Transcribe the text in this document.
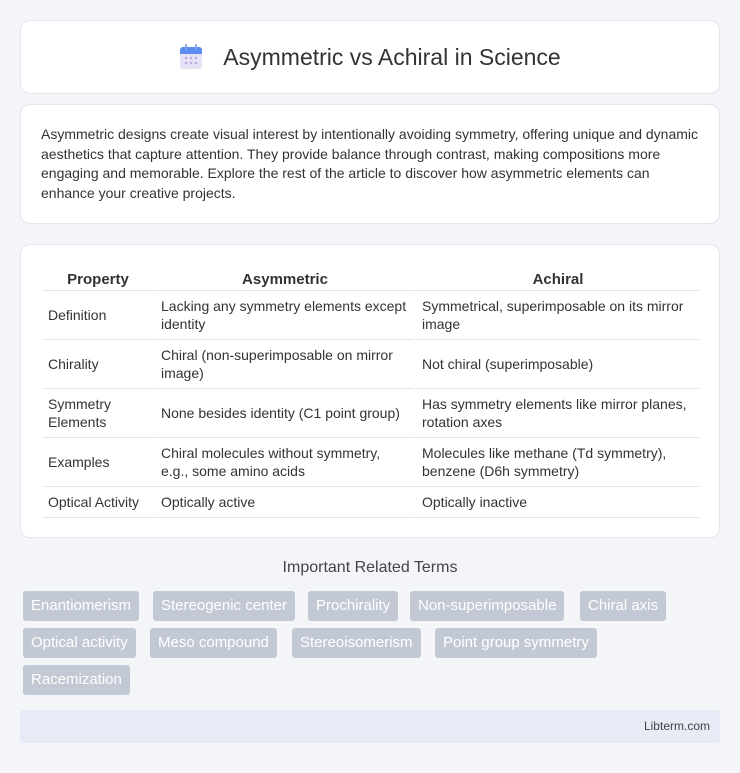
Asymmetric vs Achiral in Science

Asymmetric designs create visual interest by intentionally avoiding symmetry, offering unique and dynamic aesthetics that capture attention. They provide balance through contrast, making compositions more engaging and memorable. Explore the rest of the article to discover how asymmetric elements can enhance your creative projects.

Property	Asymmetric	Achiral
Definition	Lacking any symmetry elements except identity	Symmetrical, superimposable on its mirror image
Chirality	Chiral (non-superimposable on mirror image)	Not chiral (superimposable)
Symmetry Elements	None besides identity (C1 point group)	Has symmetry elements like mirror planes, rotation axes
Examples	Chiral molecules without symmetry, e.g., some amino acids	Molecules like methane (Td symmetry), benzene (D6h symmetry)
Optical Activity	Optically active	Optically inactive
Important Related Terms
Enantiomerism	Stereogenic center	Prochirality	Non-superimposable	Chiral axis
Optical activity	Meso compound	Stereoisomerism	Point group symmetry
Racemization
Libterm.com
